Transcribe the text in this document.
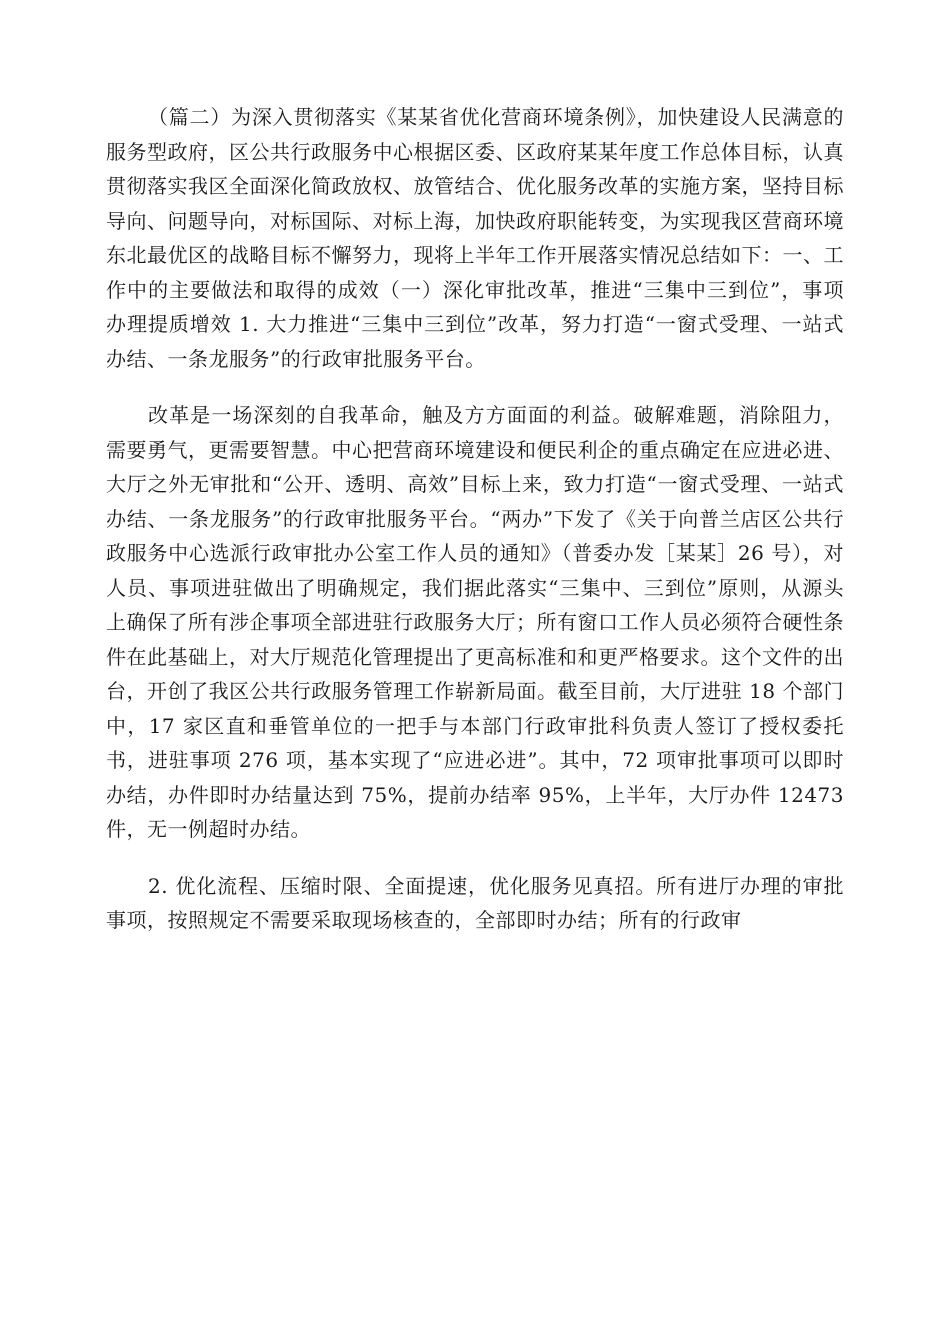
（篇二）为深入贯彻落实《某某省优化营商环境条例》，加快建设人民满意的服务型政府，区公共行政服务中心根据区委、区政府某某年度工作总体目标，认真贯彻落实我区全面深化简政放权、放管结合、优化服务改革的实施方案，坚持目标导向、问题导向，对标国际、对标上海，加快政府职能转变，为实现我区营商环境东北最优区的战略目标不懈努力，现将上半年工作开展落实情况总结如下：一、工作中的主要做法和取得的成效（一）深化审批改革，推进“三集中三到位”，事项办理提质增效 1. 大力推进“三集中三到位”改革，努力打造“一窗式受理、一站式办结、一条龙服务”的行政审批服务平台。

改革是一场深刻的自我革命，触及方方面面的利益。破解难题，消除阻力，需要勇气，更需要智慧。中心把营商环境建设和便民利企的重点确定在应进必进、大厅之外无审批和“公开、透明、高效”目标上来，致力打造“一窗式受理、一站式办结、一条龙服务”的行政审批服务平台。“两办”下发了《关于向普兰店区公共行政服务中心选派行政审批办公室工作人员的通知》（普委办发［某某］26 号），对人员、事项进驻做出了明确规定，我们据此落实“三集中、三到位”原则，从源头上确保了所有涉企事项全部进驻行政服务大厅；所有窗口工作人员必须符合硬性条件在此基础上，对大厅规范化管理提出了更高标准和和更严格要求。这个文件的出台，开创了我区公共行政服务管理工作崭新局面。截至目前，大厅进驻 18 个部门中，17 家区直和垂管单位的一把手与本部门行政审批科负责人签订了授权委托书，进驻事项 276 项，基本实现了“应进必进”。其中，72 项审批事项可以即时办结，办件即时办结量达到 75%，提前办结率 95%，上半年，大厅办件 12473 件，无一例超时办结。

2. 优化流程、压缩时限、全面提速，优化服务见真招。所有进厅办理的审批事项，按照规定不需要采取现场核查的，全部即时办结；所有的行政审
